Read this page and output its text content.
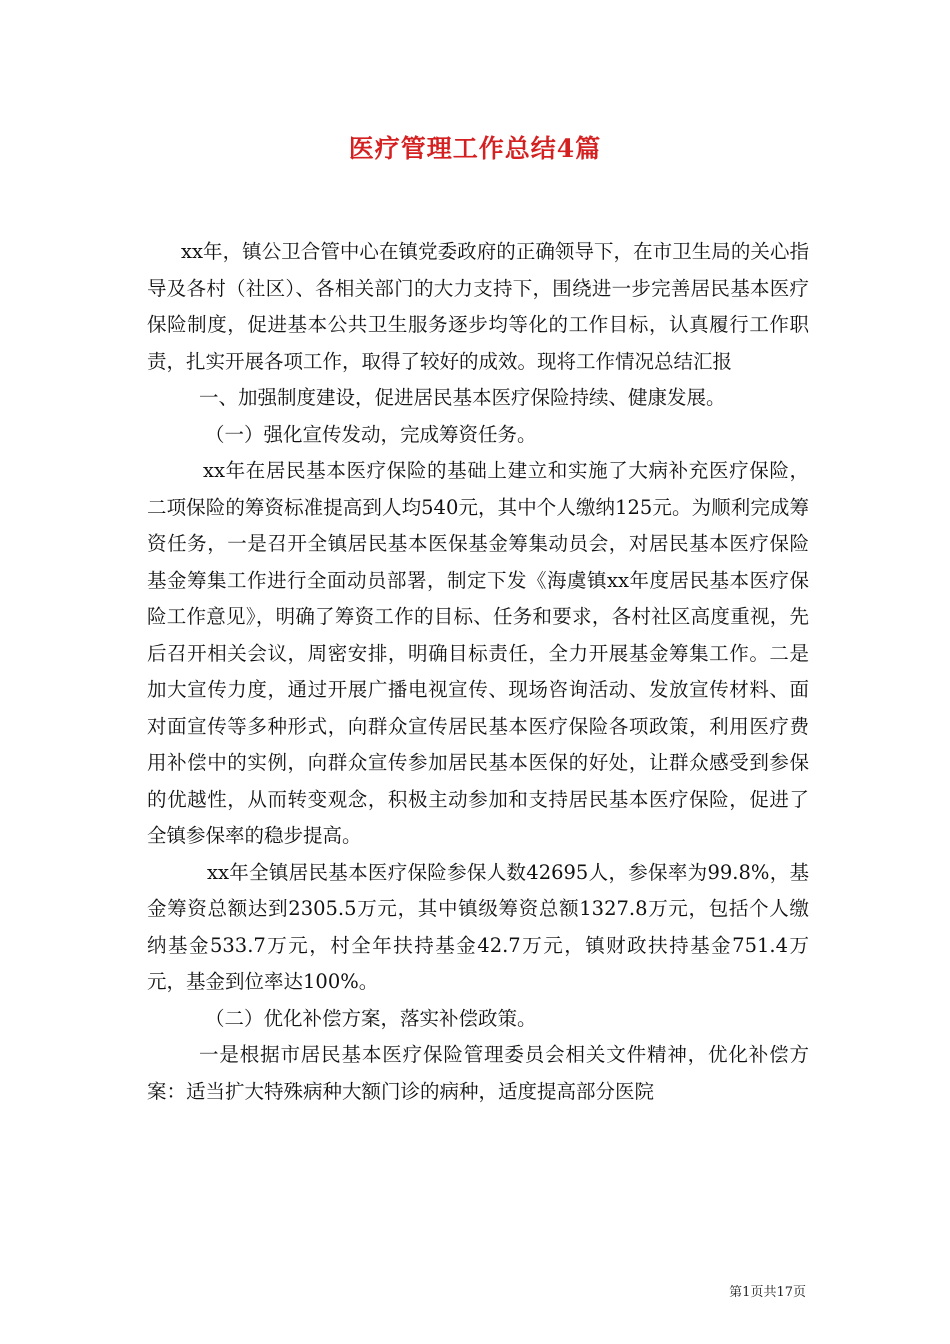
医疗管理工作总结4篇

xx年，镇公卫合管中心在镇党委政府的正确领导下，在市卫生局的关心指导及各村（社区）、各相关部门的大力支持下，围绕进一步完善居民基本医疗保险制度，促进基本公共卫生服务逐步均等化的工作目标，认真履行工作职责，扎实开展各项工作，取得了较好的成效。现将工作情况总结汇报

一、加强制度建设，促进居民基本医疗保险持续、健康发展。

（一）强化宣传发动，完成筹资任务。

xx年在居民基本医疗保险的基础上建立和实施了大病补充医疗保险，二项保险的筹资标准提高到人均540元，其中个人缴纳125元。为顺利完成筹资任务，一是召开全镇居民基本医保基金筹集动员会，对居民基本医疗保险基金筹集工作进行全面动员部署，制定下发《海虞镇xx年度居民基本医疗保险工作意见》，明确了筹资工作的目标、任务和要求，各村社区高度重视，先后召开相关会议，周密安排，明确目标责任，全力开展基金筹集工作。二是加大宣传力度，通过开展广播电视宣传、现场咨询活动、发放宣传材料、面对面宣传等多种形式，向群众宣传居民基本医疗保险各项政策，利用医疗费用补偿中的实例，向群众宣传参加居民基本医保的好处，让群众感受到参保的优越性，从而转变观念，积极主动参加和支持居民基本医疗保险，促进了全镇参保率的稳步提高。

xx年全镇居民基本医疗保险参保人数42695人，参保率为99.8%，基金筹资总额达到2305.5万元，其中镇级筹资总额1327.8万元，包括个人缴纳基金533.7万元，村全年扶持基金42.7万元，镇财政扶持基金751.4万元，基金到位率达100%。

（二）优化补偿方案，落实补偿政策。

一是根据市居民基本医疗保险管理委员会相关文件精神，优化补偿方案：适当扩大特殊病种大额门诊的病种，适度提高部分医院

第1页共17页
